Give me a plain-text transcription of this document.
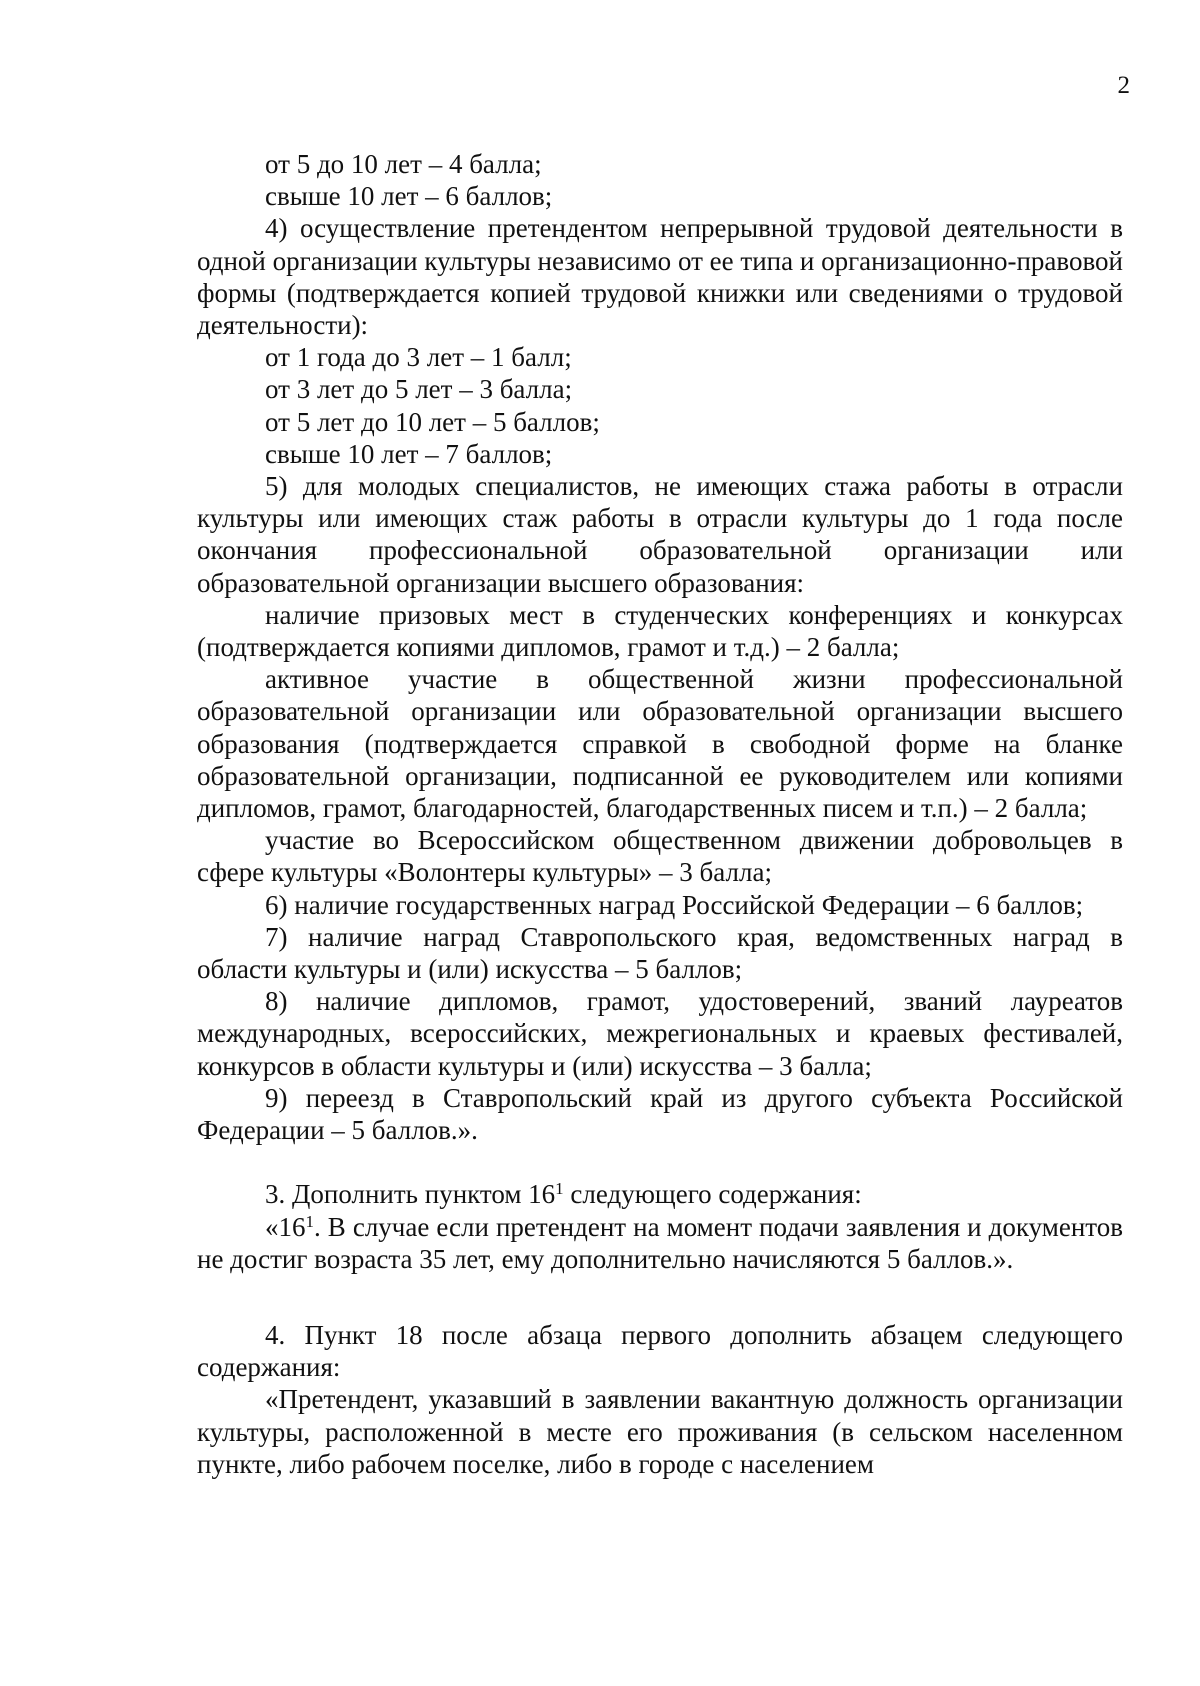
2

от 5 до 10 лет – 4 балла;

свыше 10 лет – 6 баллов;

4) осуществление претендентом непрерывной трудовой деятельности в одной организации культуры независимо от ее типа и организационно-правовой формы (подтверждается копией трудовой книжки или сведениями о трудовой деятельности):

от 1 года до 3 лет – 1 балл;

от 3 лет до 5 лет – 3 балла;

от 5 лет до 10 лет – 5 баллов;

свыше 10 лет – 7 баллов;

5) для молодых специалистов, не имеющих стажа работы в отрасли культуры или имеющих стаж работы в отрасли культуры до 1 года после окончания профессиональной образовательной организации или образовательной организации высшего образования:

наличие призовых мест в студенческих конференциях и конкурсах (подтверждается копиями дипломов, грамот и т.д.) – 2 балла;

активное участие в общественной жизни профессиональной образовательной организации или образовательной организации высшего образования (подтверждается справкой в свободной форме на бланке образовательной организации, подписанной ее руководителем или копиями дипломов, грамот, благодарностей, благодарственных писем и т.п.) – 2 балла;

участие во Всероссийском общественном движении добровольцев в сфере культуры «Волонтеры культуры» – 3 балла;

6) наличие государственных наград Российской Федерации – 6 баллов;

7) наличие наград Ставропольского края, ведомственных наград в области культуры и (или) искусства – 5 баллов;

8) наличие дипломов, грамот, удостоверений, званий лауреатов международных, всероссийских, межрегиональных и краевых фестивалей, конкурсов в области культуры и (или) искусства – 3 балла;

9) переезд в Ставропольский край из другого субъекта Российской Федерации – 5 баллов.».

3. Дополнить пунктом $16^1$ следующего содержания:

«$16^1$. В случае если претендент на момент подачи заявления и документов не достиг возраста 35 лет, ему дополнительно начисляются 5 баллов.».

4. Пункт 18 после абзаца первого дополнить абзацем следующего содержания:

«Претендент, указавший в заявлении вакантную должность организации культуры, расположенной в месте его проживания (в сельском населенном пункте, либо рабочем поселке, либо в городе с населением
